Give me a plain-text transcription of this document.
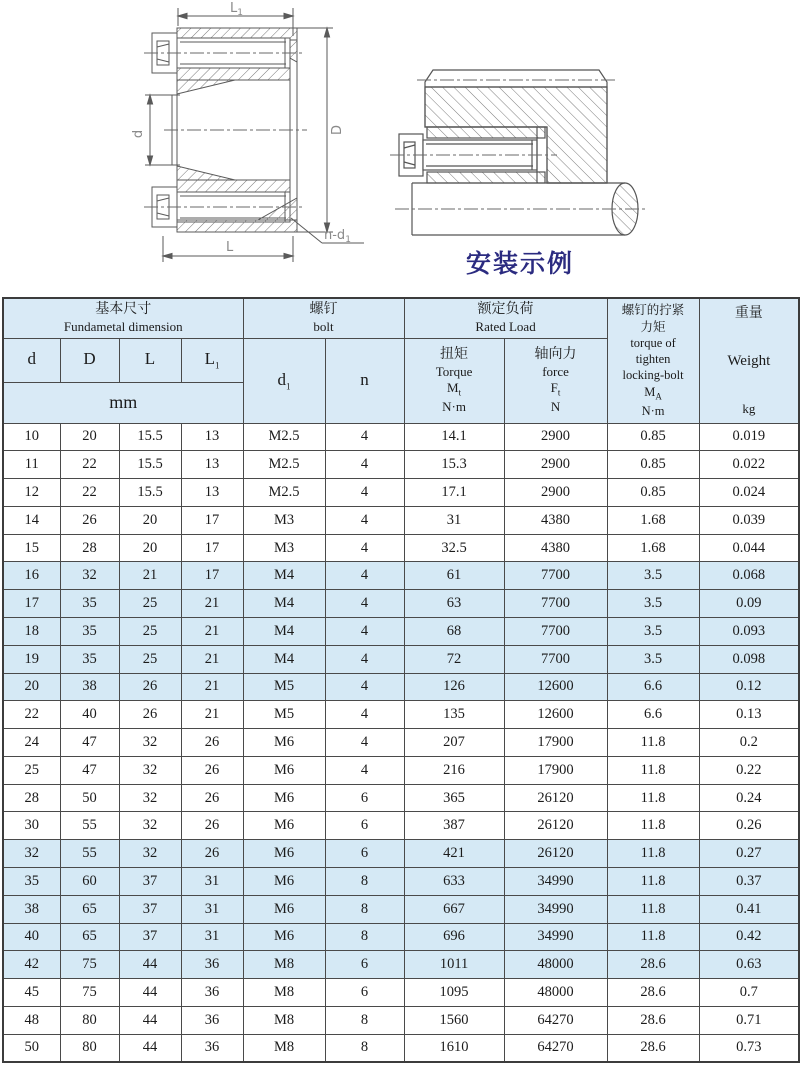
$L_1$
d	D
L
$n-d_1$
安装示例
基本尺寸
Fundametal dimension

螺钉
bolt

额定负荷
Rated Load

螺钉的拧紧
力矩
torque of
tighten
locking-bolt
$M_A$
N·m

重量
Weight
kg

d	D	L	$L_1$	$d_1$	n	
扭矩
Torque
$M_t$
N·m

轴向力
force
$F_t$
N

mm									
10	20	15.5	13	M2.5	4	14.1	2900	0.85	0.019
11	22	15.5	13	M2.5	4	15.3	2900	0.85	0.022
12	22	15.5	13	M2.5	4	17.1	2900	0.85	0.024
14	26	20	17	M3	4	31	4380	1.68	0.039
15	28	20	17	M3	4	32.5	4380	1.68	0.044
16	32	21	17	M4	4	61	7700	3.5	0.068
17	35	25	21	M4	4	63	7700	3.5	0.09
18	35	25	21	M4	4	68	7700	3.5	0.093
19	35	25	21	M4	4	72	7700	3.5	0.098
20	38	26	21	M5	4	126	12600	6.6	0.12
22	40	26	21	M5	4	135	12600	6.6	0.13
24	47	32	26	M6	4	207	17900	11.8	0.2
25	47	32	26	M6	4	216	17900	11.8	0.22
28	50	32	26	M6	6	365	26120	11.8	0.24
30	55	32	26	M6	6	387	26120	11.8	0.26
32	55	32	26	M6	6	421	26120	11.8	0.27
35	60	37	31	M6	8	633	34990	11.8	0.37
38	65	37	31	M6	8	667	34990	11.8	0.41
40	65	37	31	M6	8	696	34990	11.8	0.42
42	75	44	36	M8	6	1011	48000	28.6	0.63
45	75	44	36	M8	6	1095	48000	28.6	0.7
48	80	44	36	M8	8	1560	64270	28.6	0.71
50	80	44	36	M8	8	1610	64270	28.6	0.73
